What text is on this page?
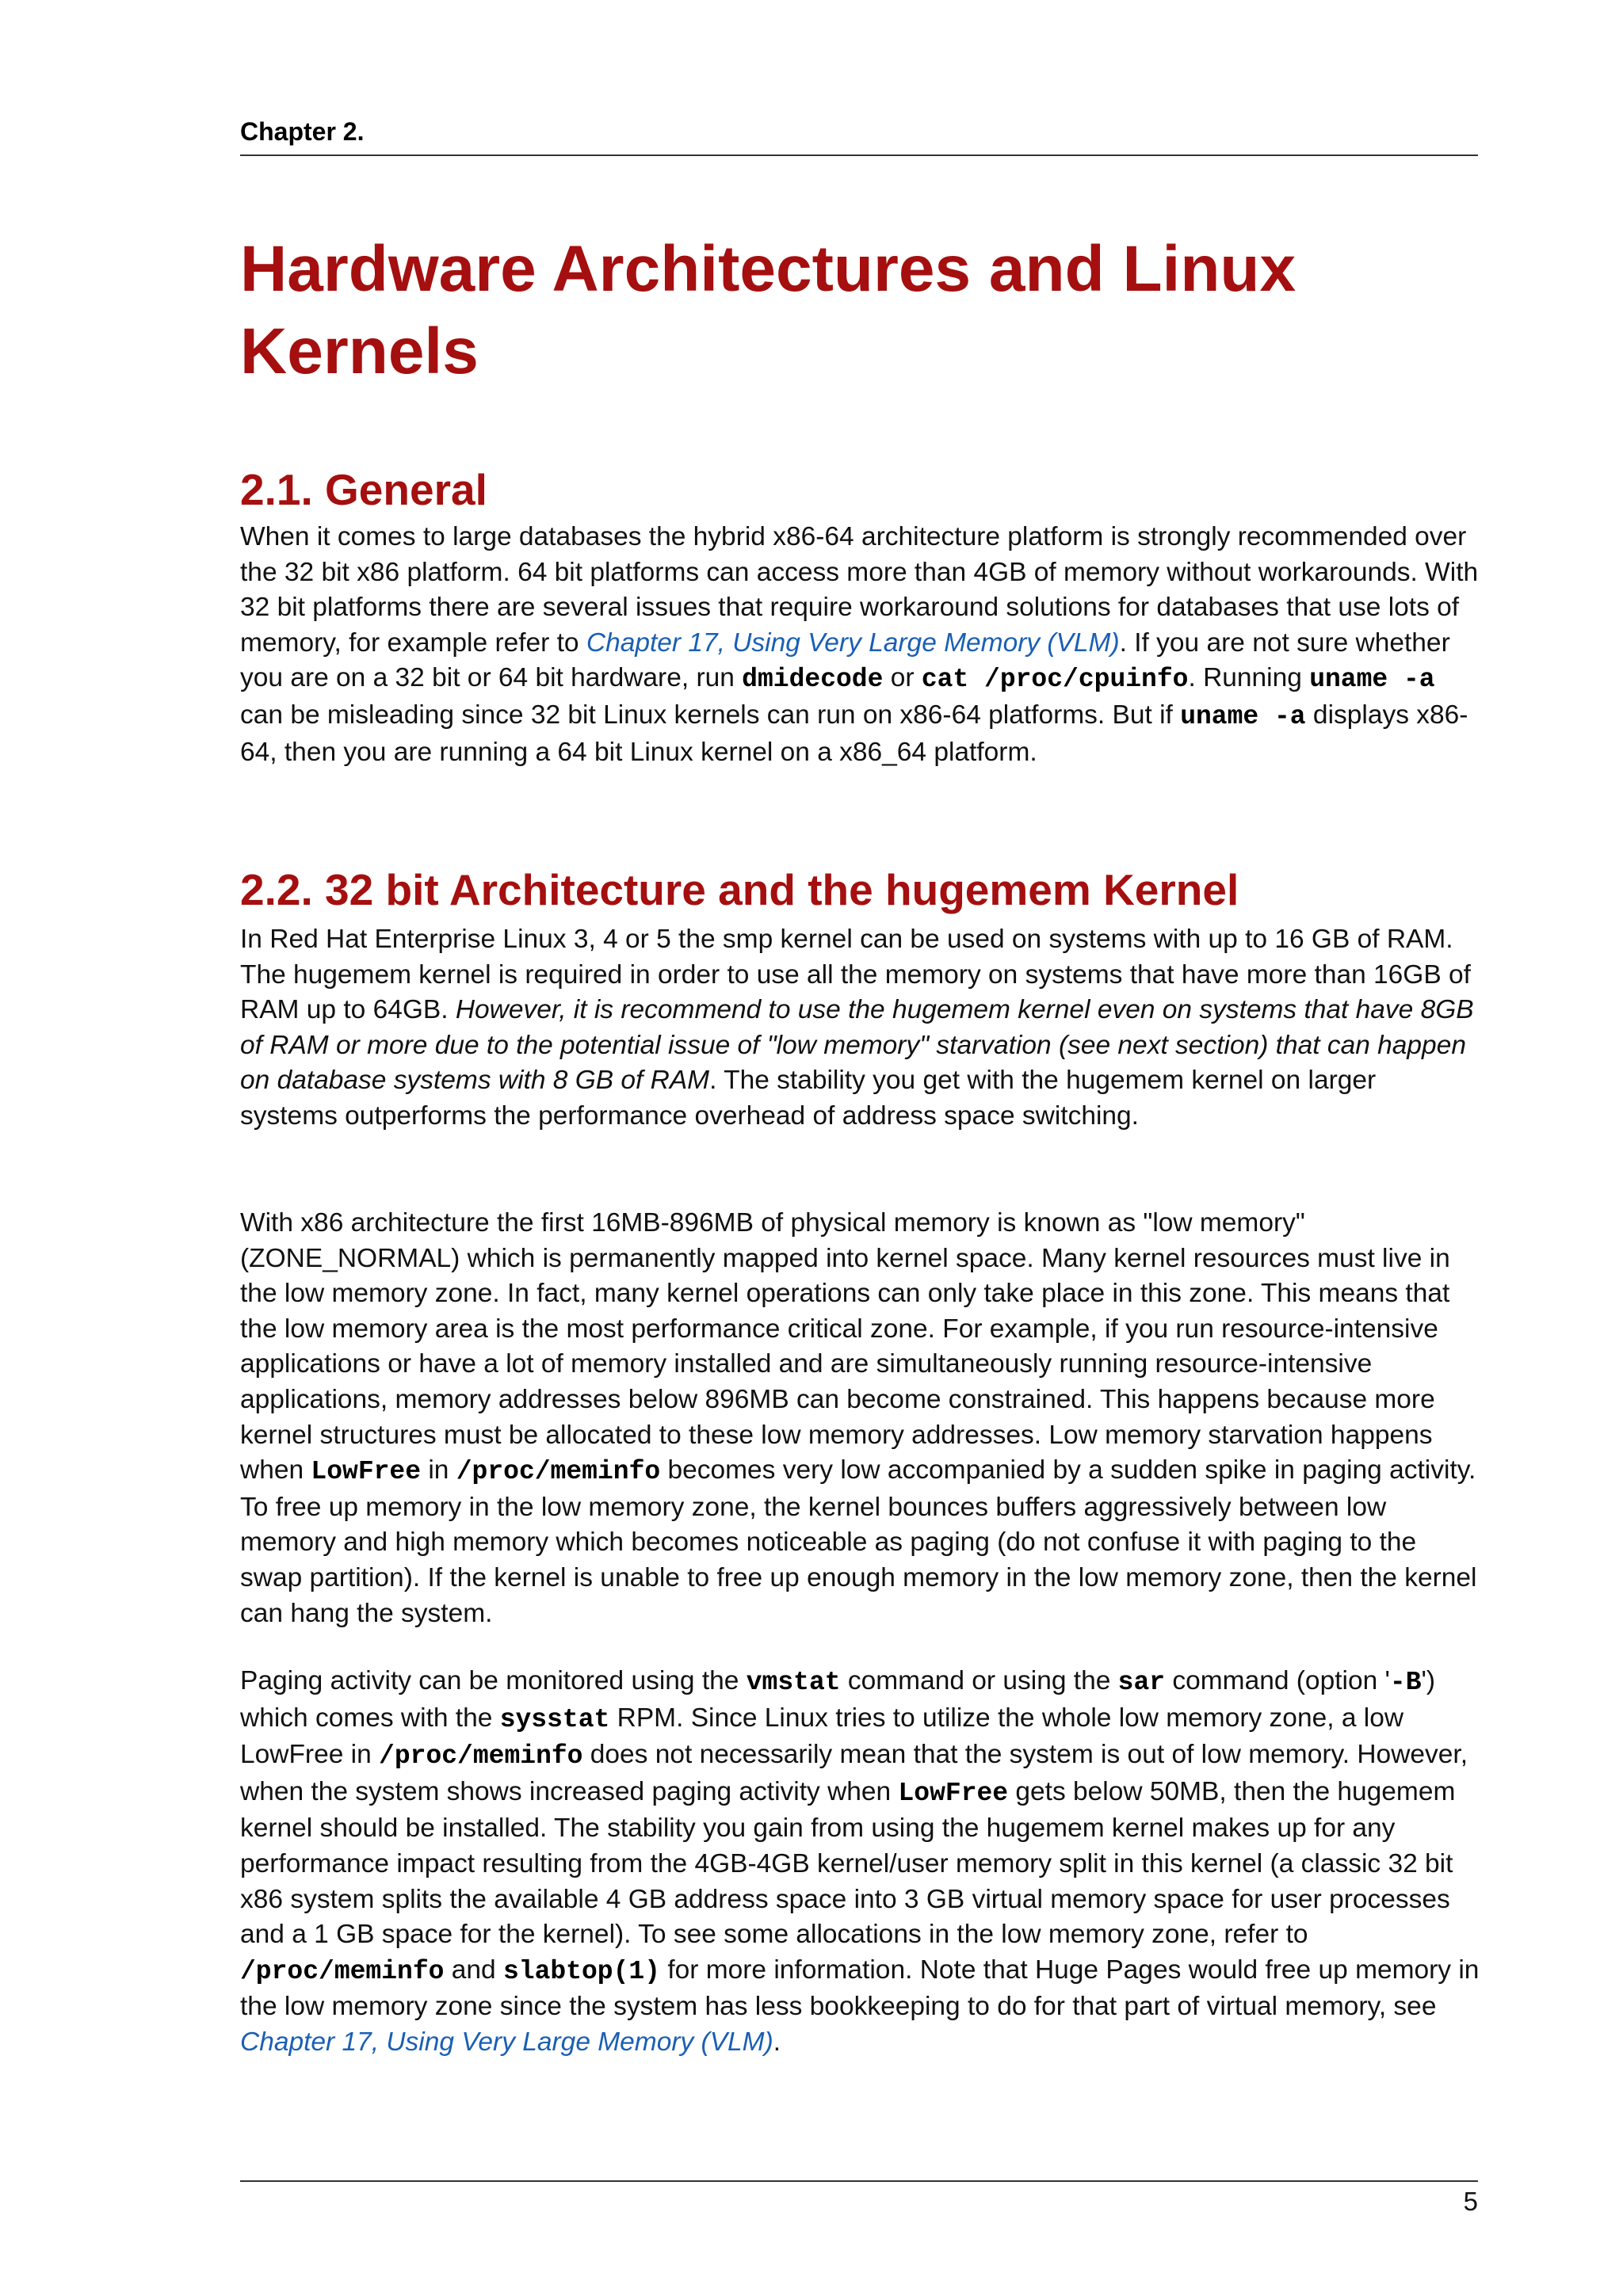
Chapter 2.
Hardware Architectures and Linux Kernels
2.1. General

When it comes to large databases the hybrid x86-64 architecture platform is strongly recommended over the 32 bit x86 platform. 64 bit platforms can access more than 4GB of memory without workarounds. With 32 bit platforms there are several issues that require workaround solutions for databases that use lots of memory, for example refer to Chapter 17, Using Very Large Memory (VLM). If you are not sure whether you are on a 32 bit or 64 bit hardware, run dmidecode or cat /proc/cpuinfo. Running uname -a can be misleading since 32 bit Linux kernels can run on x86-64 platforms. But if uname -a displays x86-64, then you are running a 64 bit Linux kernel on a x86_64 platform.

2.2. 32 bit Architecture and the hugemem Kernel

In Red Hat Enterprise Linux 3, 4 or 5 the smp kernel can be used on systems with up to 16 GB of RAM. The hugemem kernel is required in order to use all the memory on systems that have more than 16GB of RAM up to 64GB. However, it is recommend to use the hugemem kernel even on systems that have 8GB of RAM or more due to the potential issue of "low memory" starvation (see next section) that can happen on database systems with 8 GB of RAM. The stability you get with the hugemem kernel on larger systems outperforms the performance overhead of address space switching.

With x86 architecture the first 16MB-896MB of physical memory is known as "low memory" (ZONE_NORMAL) which is permanently mapped into kernel space. Many kernel resources must live in the low memory zone. In fact, many kernel operations can only take place in this zone. This means that the low memory area is the most performance critical zone. For example, if you run resource-intensive applications or have a lot of memory installed and are simultaneously running resource-intensive applications, memory addresses below 896MB can become constrained. This happens because more kernel structures must be allocated to these low memory addresses. Low memory starvation happens when LowFree in /proc/meminfo becomes very low accompanied by a sudden spike in paging activity. To free up memory in the low memory zone, the kernel bounces buffers aggressively between low memory and high memory which becomes noticeable as paging (do not confuse it with paging to the swap partition). If the kernel is unable to free up enough memory in the low memory zone, then the kernel can hang the system.

Paging activity can be monitored using the vmstat command or using the sar command (option '-B') which comes with the sysstat RPM. Since Linux tries to utilize the whole low memory zone, a low LowFree in /proc/meminfo does not necessarily mean that the system is out of low memory. However, when the system shows increased paging activity when LowFree gets below 50MB, then the hugemem kernel should be installed. The stability you gain from using the hugemem kernel makes up for any performance impact resulting from the 4GB-4GB kernel/user memory split in this kernel (a classic 32 bit x86 system splits the available 4 GB address space into 3 GB virtual memory space for user processes and a 1 GB space for the kernel). To see some allocations in the low memory zone, refer to /proc/meminfo and slabtop(1) for more information. Note that Huge Pages would free up memory in the low memory zone since the system has less bookkeeping to do for that part of virtual memory, see Chapter 17, Using Very Large Memory (VLM).

5
